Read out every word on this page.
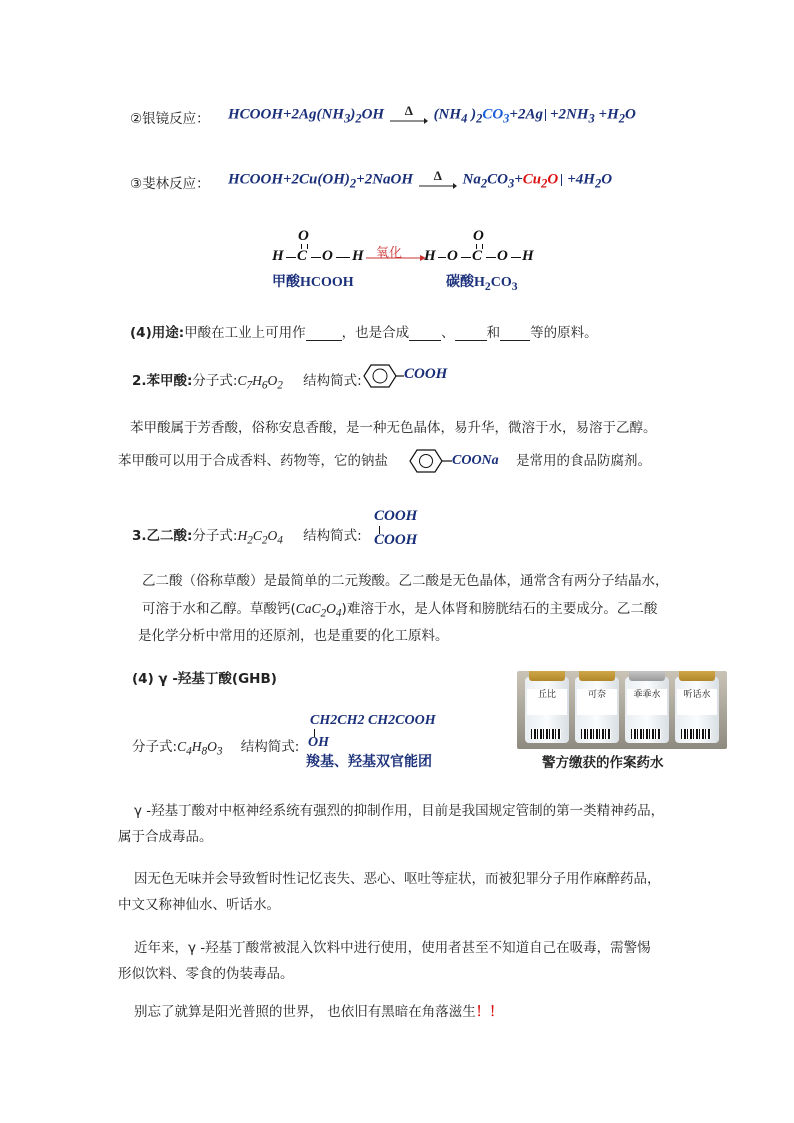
②银镜反应： $HCOOH+2Ag(NH_3)_2OH$ Δ ($NH_4$ )$_2CO_3+2Ag +2NH_3 +H_2O$
③斐林反应： $HCOOH+2Cu(OH)_2+2NaOH$ Δ $Na_2CO_3+Cu_2O +4H_2O$
H C
O
O H 氧化 H O C
O
O H
甲酸HCOOH	碳酸$H_2CO_3$
(4)用途:甲酸在工业上可用作	，也是合成 、 和 等的原料。
2.苯甲酸:分子式$:C_7H_6O_2$ 结构简式:	COOH
苯甲酸属于芳香酸，俗称安息香酸，是一种无色晶体，易升华，微溶于水，易溶于乙醇。
苯甲酸可以用于合成香料、药物等，它的钠盐	COONa 是常用的食品防腐剂。
3.乙二酸:分子式$:H_2C_2O_4$ 结构简式:
COOH
COOH
乙二酸（俗称草酸）是最简单的二元羧酸。乙二酸是无色晶体，通常含有两分子结晶水，
可溶于水和乙醇。草酸钙$(CaC_2O_4)$难溶于水，是人体肾和膀胱结石的主要成分。乙二酸
是化学分析中常用的还原剂，也是重要的化工原料。
(4) γ -羟基丁酸(GHB)
CH2CH2 CH2COOH
分子式$:C_4H_8O_3$ 结构简式: OH
羧基、羟基双官能团
丘比	可奈	乖乖水	听话水
警方缴获的作案药水
γ -羟基丁酸对中枢神经系统有强烈的抑制作用，目前是我国规定管制的第一类精神药品，
属于合成毒品。
因无色无味并会导致暂时性记忆丧失、恶心、呕吐等症状，而被犯罪分子用作麻醉药品，
中文又称神仙水、听话水。
近年来，γ -羟基丁酸常被混入饮料中进行使用，使用者甚至不知道自己在吸毒，需警惕
形似饮料、零食的伪装毒品。
别忘了就算是阳光普照的世界， 也依旧有黑暗在角落滋生！！
